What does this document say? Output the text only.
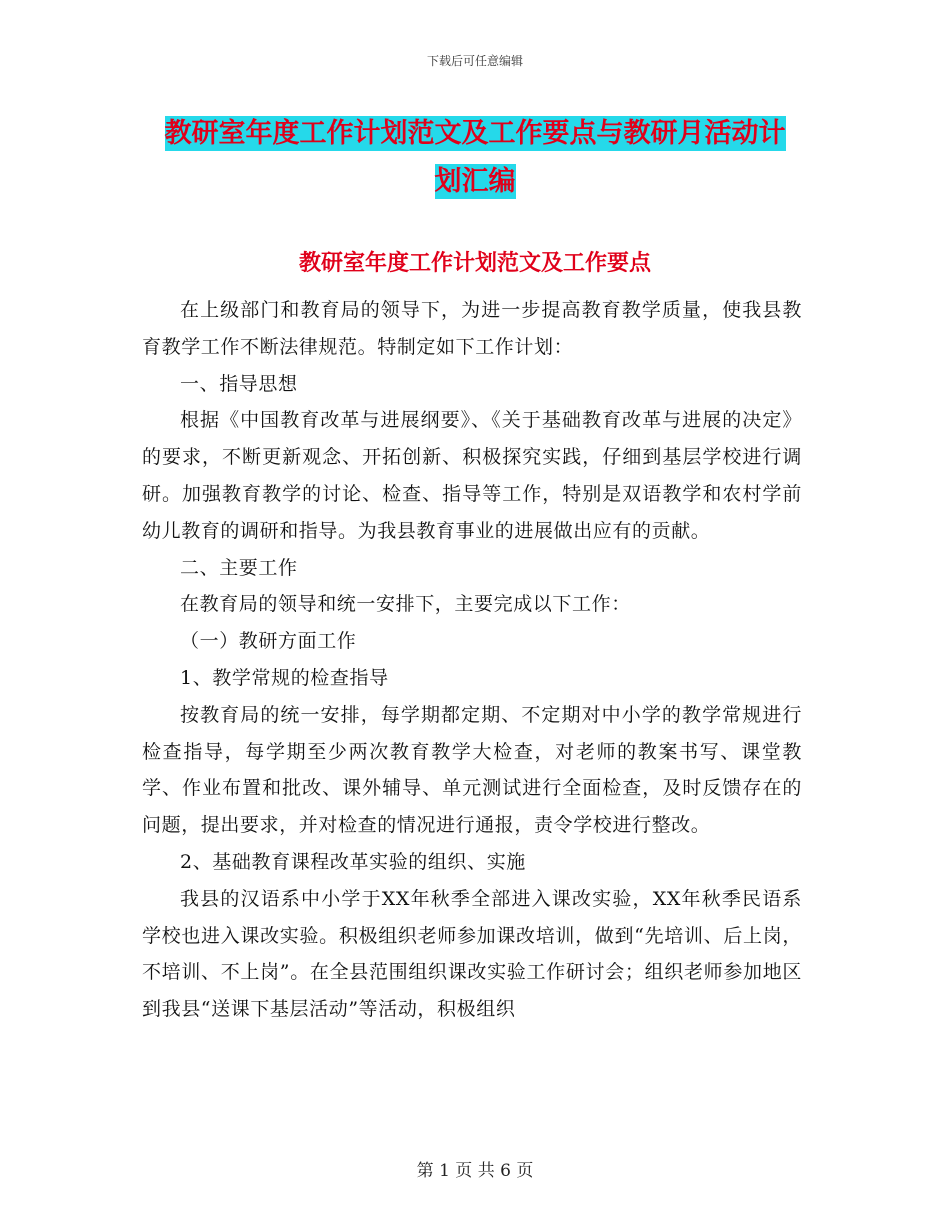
下载后可任意编辑
教研室年度工作计划范文及工作要点与教研月活动计
划汇编
教研室年度工作计划范文及工作要点

在上级部门和教育局的领导下，为进一步提高教育教学质量，使我县教育教学工作不断法律规范。特制定如下工作计划：

一、指导思想

根据《中国教育改革与进展纲要》、《关于基础教育改革与进展的决定》的要求，不断更新观念、开拓创新、积极探究实践，仔细到基层学校进行调研。加强教育教学的讨论、检查、指导等工作，特别是双语教学和农村学前幼儿教育的调研和指导。为我县教育事业的进展做出应有的贡献。

二、主要工作

在教育局的领导和统一安排下，主要完成以下工作：

（一）教研方面工作

1、教学常规的检查指导

按教育局的统一安排，每学期都定期、不定期对中小学的教学常规进行检查指导，每学期至少两次教育教学大检查，对老师的教案书写、课堂教学、作业布置和批改、课外辅导、单元测试进行全面检查，及时反馈存在的问题，提出要求，并对检查的情况进行通报，责令学校进行整改。

2、基础教育课程改革实验的组织、实施

我县的汉语系中小学于XX年秋季全部进入课改实验，XX年秋季民语系学校也进入课改实验。积极组织老师参加课改培训，做到“先培训、后上岗，不培训、不上岗”。在全县范围组织课改实验工作研讨会；组织老师参加地区到我县“送课下基层活动”等活动，积极组织

第 1 页 共 6 页
